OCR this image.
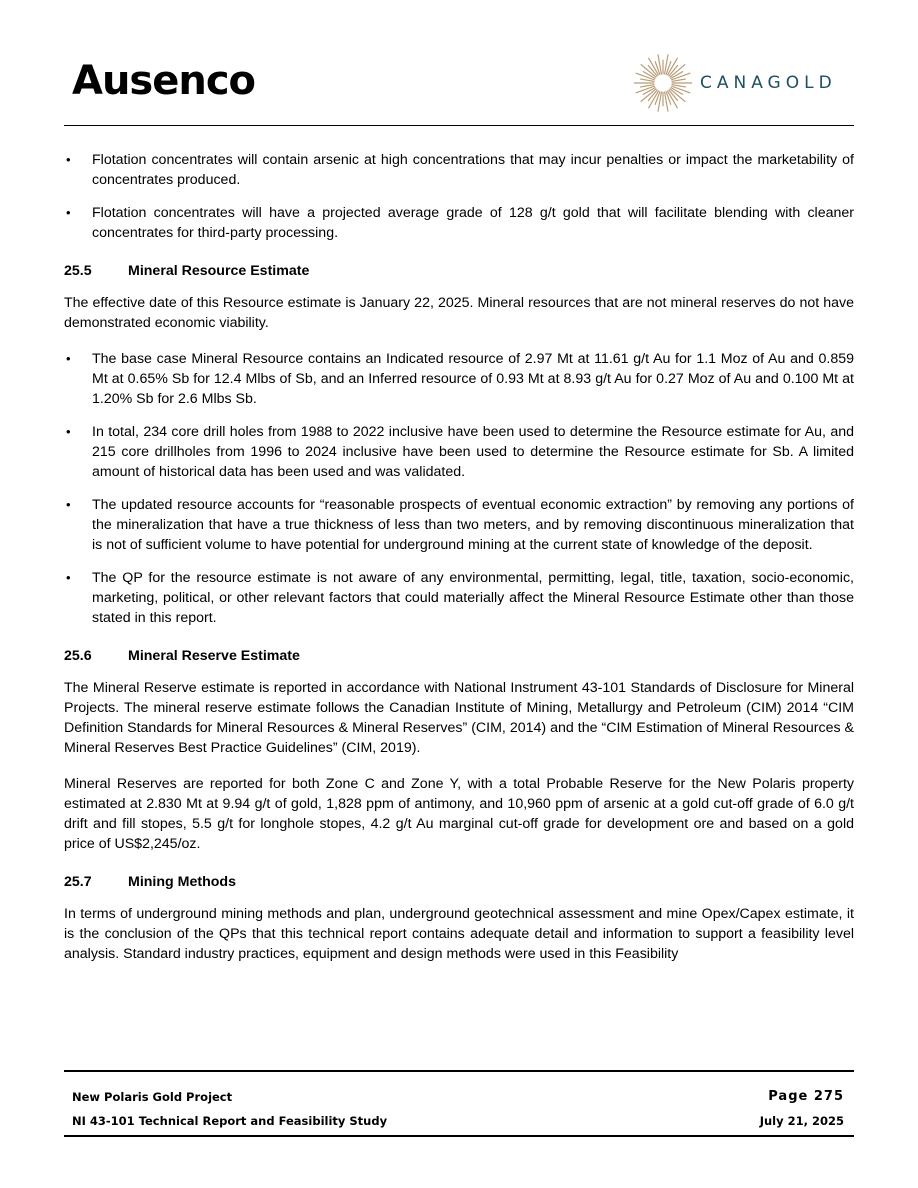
Ausenco	CANAGOLD
• Flotation concentrates will contain arsenic at high concentrations that may incur penalties or impact the marketability of concentrates produced.
• Flotation concentrates will have a projected average grade of 128 g/t gold that will facilitate blending with cleaner concentrates for third-party processing.
25.5	Mineral Resource Estimate

The effective date of this Resource estimate is January 22, 2025. Mineral resources that are not mineral reserves do not have demonstrated economic viability.

• The base case Mineral Resource contains an Indicated resource of 2.97 Mt at 11.61 g/t Au for 1.1 Moz of Au and 0.859 Mt at 0.65% Sb for 12.4 Mlbs of Sb, and an Inferred resource of 0.93 Mt at 8.93 g/t Au for 0.27 Moz of Au and 0.100 Mt at 1.20% Sb for 2.6 Mlbs Sb.
• In total, 234 core drill holes from 1988 to 2022 inclusive have been used to determine the Resource estimate for Au, and 215 core drillholes from 1996 to 2024 inclusive have been used to determine the Resource estimate for Sb. A limited amount of historical data has been used and was validated.
• The updated resource accounts for “reasonable prospects of eventual economic extraction” by removing any portions of the mineralization that have a true thickness of less than two meters, and by removing discontinuous mineralization that is not of sufficient volume to have potential for underground mining at the current state of knowledge of the deposit.
• The QP for the resource estimate is not aware of any environmental, permitting, legal, title, taxation, socio-economic, marketing, political, or other relevant factors that could materially affect the Mineral Resource Estimate other than those stated in this report.
25.6	Mineral Reserve Estimate

The Mineral Reserve estimate is reported in accordance with National Instrument 43-101 Standards of Disclosure for Mineral Projects. The mineral reserve estimate follows the Canadian Institute of Mining, Metallurgy and Petroleum (CIM) 2014 “CIM Definition Standards for Mineral Resources & Mineral Reserves” (CIM, 2014) and the “CIM Estimation of Mineral Resources & Mineral Reserves Best Practice Guidelines” (CIM, 2019).

Mineral Reserves are reported for both Zone C and Zone Y, with a total Probable Reserve for the New Polaris property estimated at 2.830 Mt at 9.94 g/t of gold, 1,828 ppm of antimony, and 10,960 ppm of arsenic at a gold cut-off grade of 6.0 g/t drift and fill stopes, 5.5 g/t for longhole stopes, 4.2 g/t Au marginal cut-off grade for development ore and based on a gold price of US$2,245/oz.

25.7	Mining Methods

In terms of underground mining methods and plan, underground geotechnical assessment and mine Opex/Capex estimate, it is the conclusion of the QPs that this technical report contains adequate detail and information to support a feasibility level analysis. Standard industry practices, equipment and design methods were used in this Feasibility

New Polaris Gold Project
NI 43-101 Technical Report and Feasibility Study
Page 275
July 21, 2025
